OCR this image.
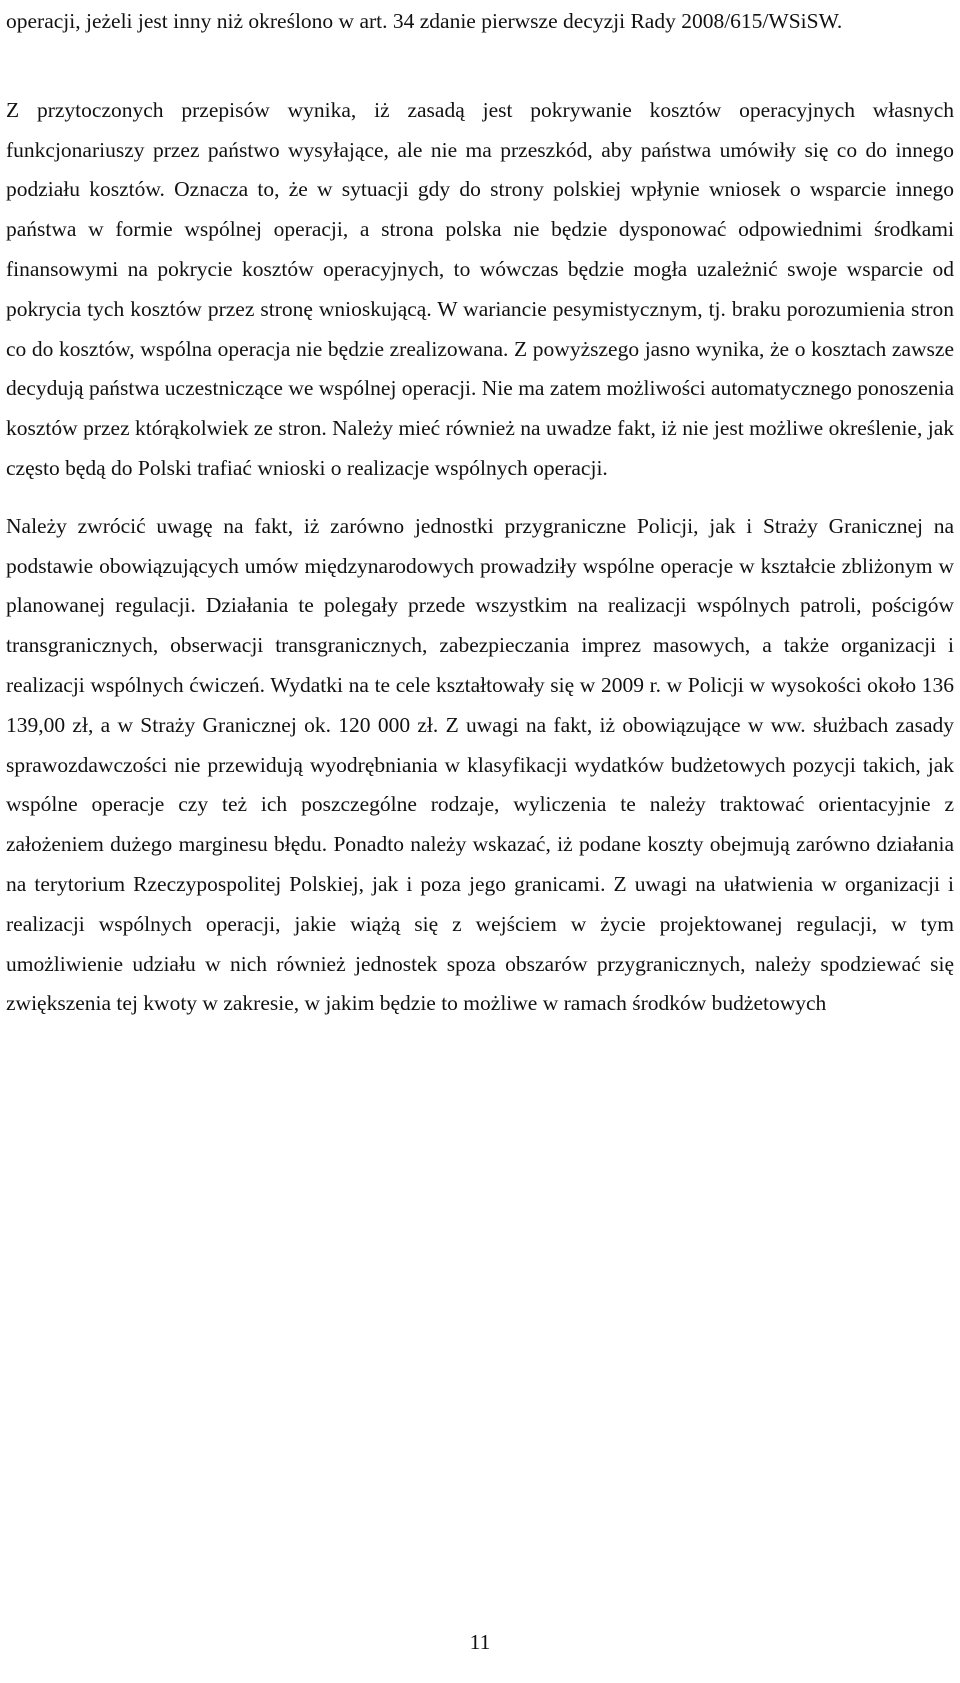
operacji, jeżeli jest inny niż określono w art. 34 zdanie pierwsze decyzji Rady 2008/615/WSiSW.

Z przytoczonych przepisów wynika, iż zasadą jest pokrywanie kosztów operacyjnych własnych funkcjonariuszy przez państwo wysyłające, ale nie ma przeszkód, aby państwa umówiły się co do innego podziału kosztów. Oznacza to, że w sytuacji gdy do strony polskiej wpłynie wniosek o wsparcie innego państwa w formie wspólnej operacji, a strona polska nie będzie dysponować odpowiednimi środkami finansowymi na pokrycie kosztów operacyjnych, to wówczas będzie mogła uzależnić swoje wsparcie od pokrycia tych kosztów przez stronę wnioskującą. W wariancie pesymistycznym, tj. braku porozumienia stron co do kosztów, wspólna operacja nie będzie zrealizowana. Z powyższego jasno wynika, że o kosztach zawsze decydują państwa uczestniczące we wspólnej operacji. Nie ma zatem możliwości automatycznego ponoszenia kosztów przez którąkolwiek ze stron. Należy mieć również na uwadze fakt, iż nie jest możliwe określenie, jak często będą do Polski trafiać wnioski o realizacje wspólnych operacji.

Należy zwrócić uwagę na fakt, iż zarówno jednostki przygraniczne Policji, jak i Straży Granicznej na podstawie obowiązujących umów międzynarodowych prowadziły wspólne operacje w kształcie zbliżonym w planowanej regulacji. Działania te polegały przede wszystkim na realizacji wspólnych patroli, pościgów transgranicznych, obserwacji transgranicznych, zabezpieczania imprez masowych, a także organizacji i realizacji wspólnych ćwiczeń. Wydatki na te cele kształtowały się w 2009 r. w Policji w wysokości około 136 139,00 zł, a w Straży Granicznej ok. 120 000 zł. Z uwagi na fakt, iż obowiązujące w ww. służbach zasady sprawozdawczości nie przewidują wyodrębniania w klasyfikacji wydatków budżetowych pozycji takich, jak wspólne operacje czy też ich poszczególne rodzaje, wyliczenia te należy traktować orientacyjnie z założeniem dużego marginesu błędu. Ponadto należy wskazać, iż podane koszty obejmują zarówno działania na terytorium Rzeczypospolitej Polskiej, jak i poza jego granicami. Z uwagi na ułatwienia w organizacji i realizacji wspólnych operacji, jakie wiążą się z wejściem w życie projektowanej regulacji, w tym umożliwienie udziału w nich również jednostek spoza obszarów przygranicznych, należy spodziewać się zwiększenia tej kwoty w zakresie, w jakim będzie to możliwe w ramach środków budżetowych

11
